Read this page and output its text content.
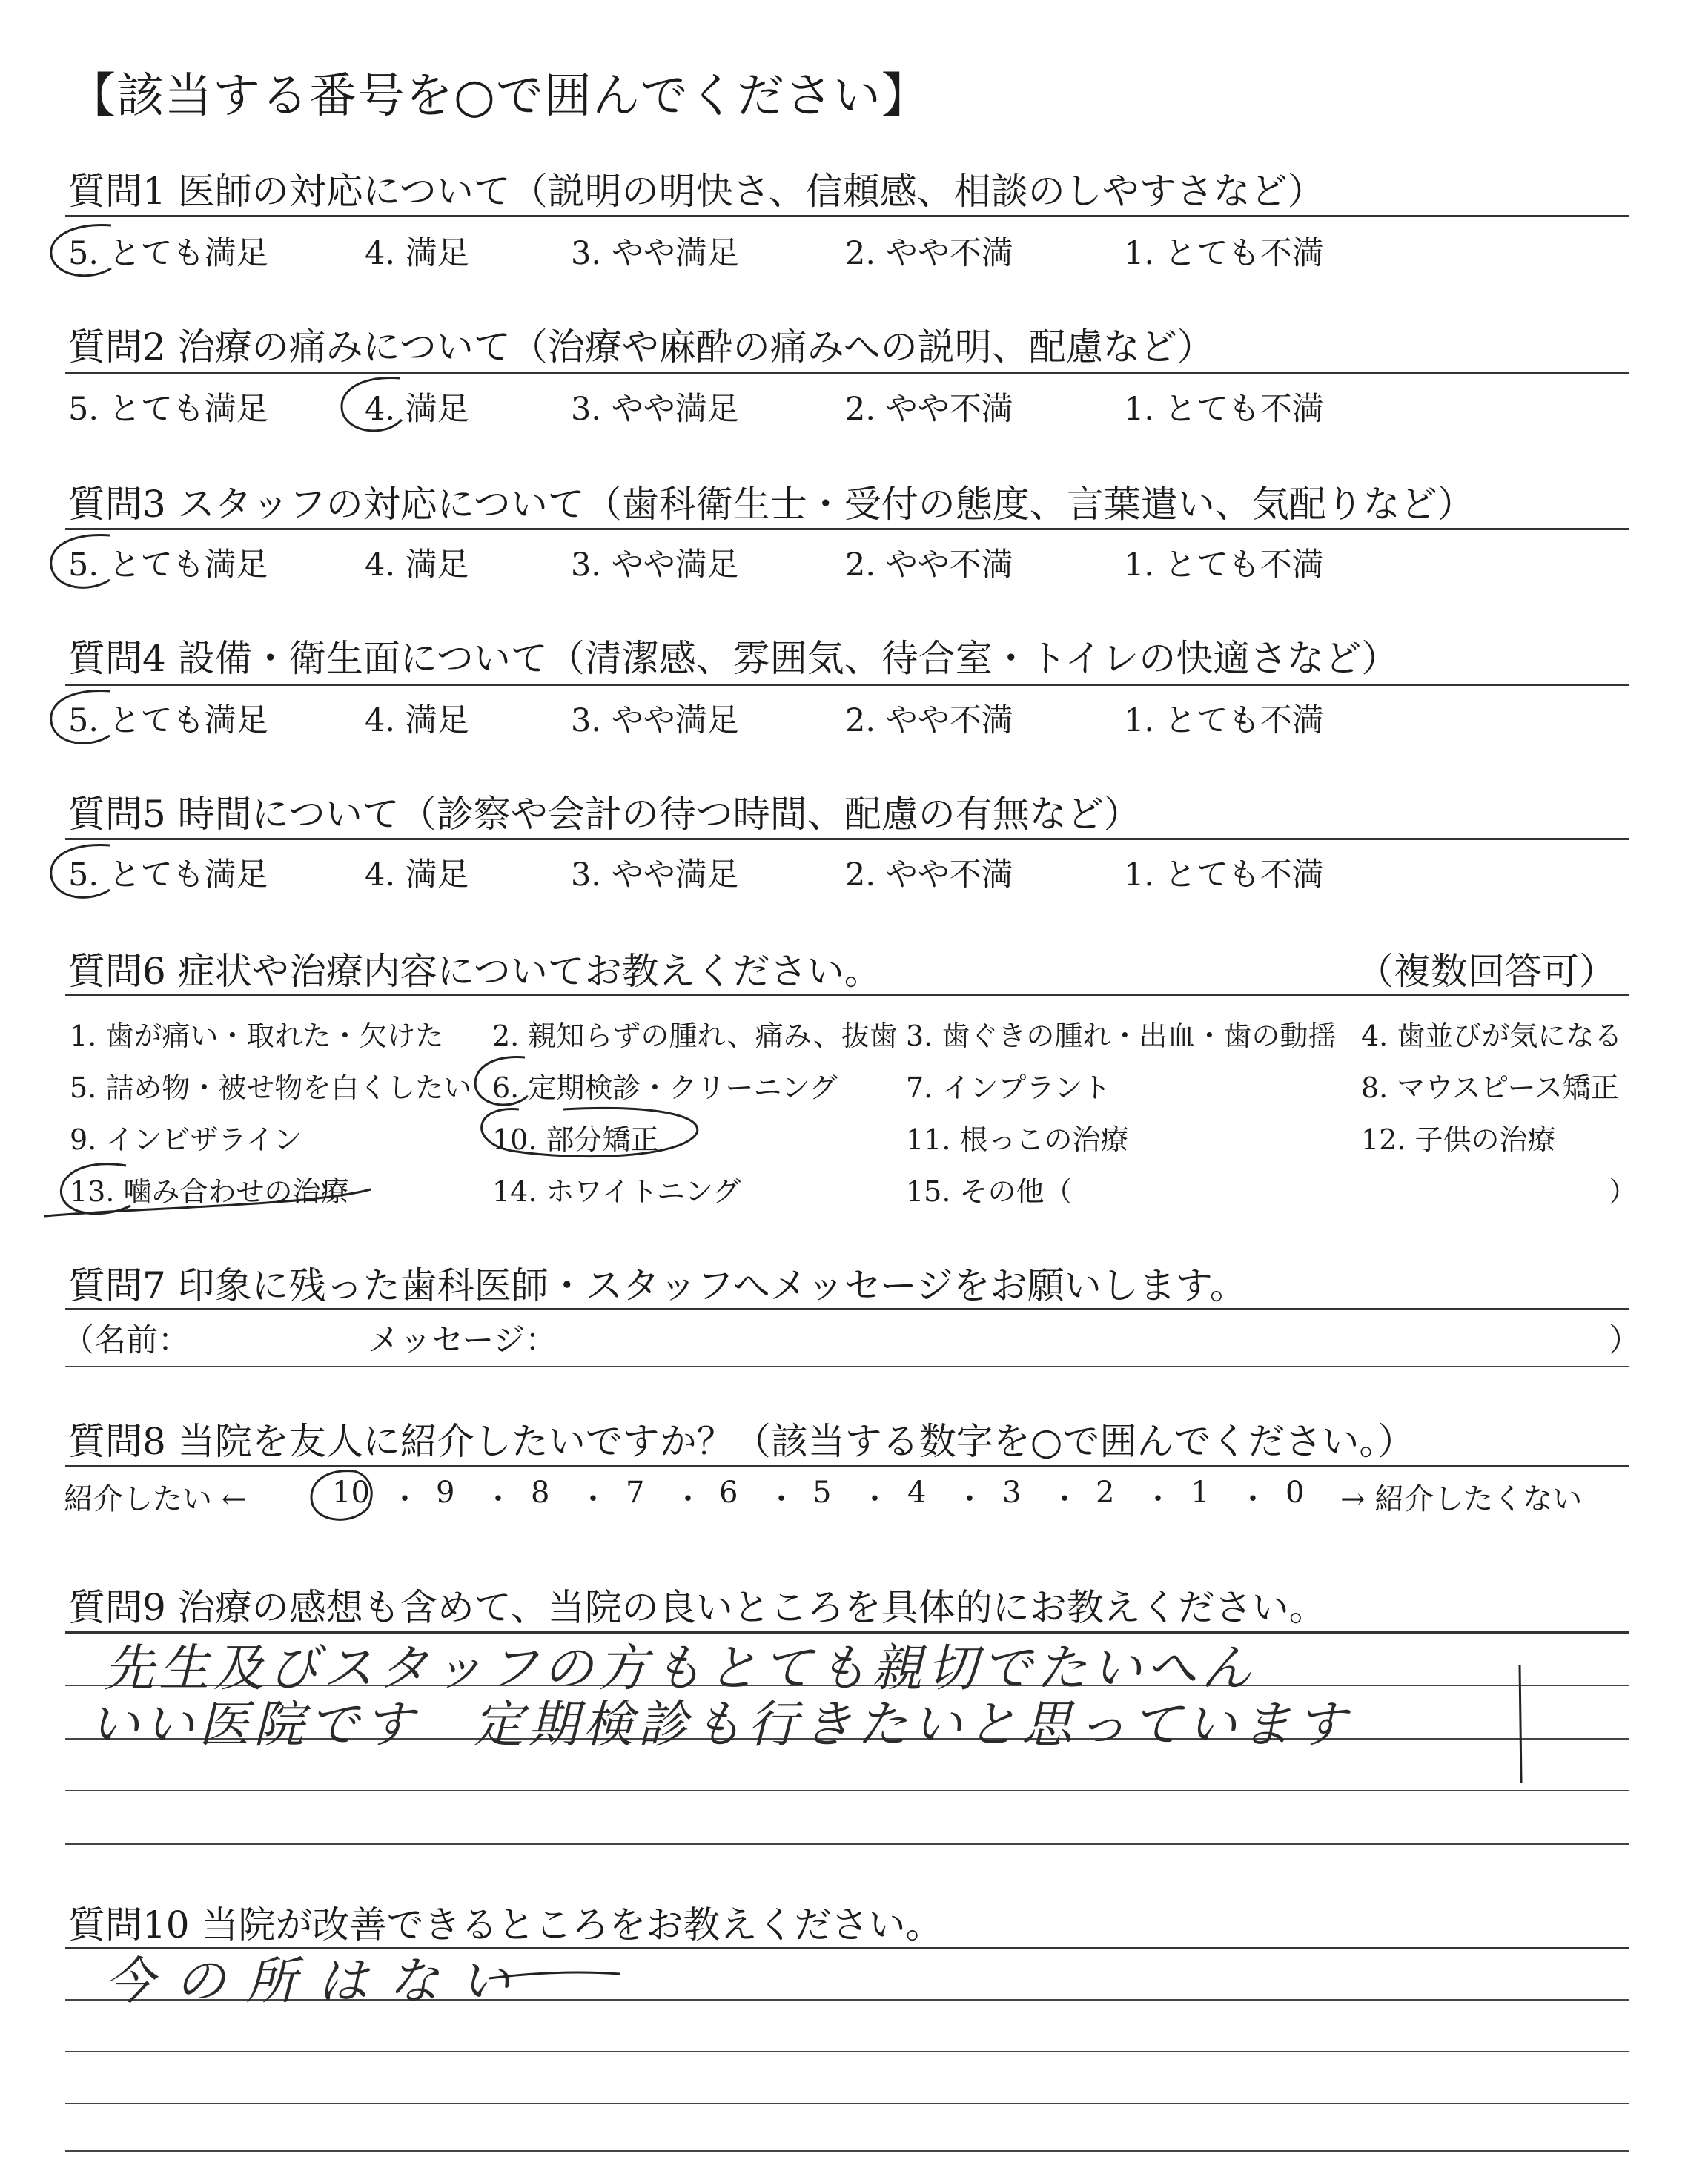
【該当する番号を○で囲んでください】
質問1 医師の対応について（説明の明快さ、信頼感、相談のしやすさなど）
5. とても満足	4. 満足	3. やや満足	2. やや不満	1. とても不満
質問2 治療の痛みについて（治療や麻酔の痛みへの説明、配慮など）
5. とても満足	4. 満足	3. やや満足	2. やや不満	1. とても不満
質問3 スタッフの対応について（歯科衛生士・受付の態度、言葉遣い、気配りなど）
5. とても満足	4. 満足	3. やや満足	2. やや不満	1. とても不満
質問4 設備・衛生面について（清潔感、雰囲気、待合室・トイレの快適さなど）
5. とても満足	4. 満足	3. やや満足	2. やや不満	1. とても不満
質問5 時間について（診察や会計の待つ時間、配慮の有無など）
5. とても満足	4. 満足	3. やや満足	2. やや不満	1. とても不満
質問6 症状や治療内容についてお教えください。	（複数回答可）
1. 歯が痛い・取れた・欠けた 2. 親知らずの腫れ、痛み、抜歯 3. 歯ぐきの腫れ・出血・歯の動揺 4. 歯並びが気になる
5. 詰め物・被せ物を白くしたい 6. 定期検診・クリーニング 7. インプラント	8. マウスピース矯正
9. インビザライン	10. 部分矯正	11. 根っこの治療	12. 子供の治療
13. 噛み合わせの治療	14. ホワイトニング	15. その他（	）
質問7 印象に残った歯科医師・スタッフへメッセージをお願いします。
（名前：	メッセージ：	）
質問8 当院を友人に紹介したいですか？（該当する数字を○で囲んでください。）
紹介したい ←	10 ・ 9 ・ 8 ・ 7 ・ 6 ・ 5 ・ 4 ・ 3 ・ 2 ・ 1 ・ 0 → 紹介したくない
質問9 治療の感想も含めて、当院の良いところを具体的にお教えください。
先生及びスタッフの方もとても親切でたいへん
いい医院です　定期検診も行きたいと思っています
質問10 当院が改善できるところをお教えください。
今の所はない
